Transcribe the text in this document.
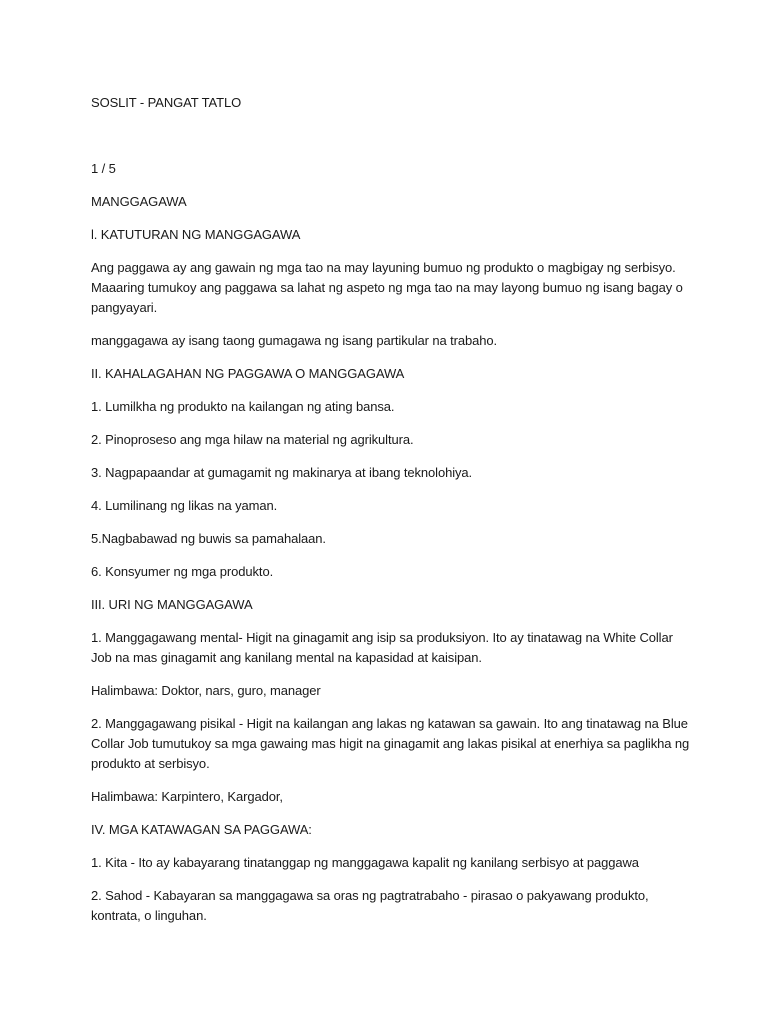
SOSLIT - PANGAT TATLO

1 / 5

MANGGAGAWA

l. KATUTURAN NG MANGGAGAWA

Ang paggawa ay ang gawain ng mga tao na may layuning bumuo ng produkto o magbigay ng serbisyo. Maaaring tumukoy ang paggawa sa lahat ng aspeto ng mga tao na may layong bumuo ng isang bagay o pangyayari.

manggagawa ay isang taong gumagawa ng isang partikular na trabaho.

II. KAHALAGAHAN NG PAGGAWA O MANGGAGAWA

1. Lumilkha ng produkto na kailangan ng ating bansa.

2. Pinoproseso ang mga hilaw na material ng agrikultura.

3. Nagpapaandar at gumagamit ng makinarya at ibang teknolohiya.

4. Lumilinang ng likas na yaman.

5.Nagbabawad ng buwis sa pamahalaan.

6. Konsyumer ng mga produkto.

III. URI NG MANGGAGAWA

1. Manggagawang mental- Higit na ginagamit ang isip sa produksiyon. Ito ay tinatawag na White Collar Job na mas ginagamit ang kanilang mental na kapasidad at kaisipan.

Halimbawa: Doktor, nars, guro, manager

2. Manggagawang pisikal - Higit na kailangan ang lakas ng katawan sa gawain. Ito ang tinatawag na Blue Collar Job tumutukoy sa mga gawaing mas higit na ginagamit ang lakas pisikal at enerhiya sa paglikha ng produkto at serbisyo.

Halimbawa: Karpintero, Kargador,

IV. MGA KATAWAGAN SA PAGGAWA:

1. Kita - Ito ay kabayarang tinatanggap ng manggagawa kapalit ng kanilang serbisyo at paggawa

2. Sahod - Kabayaran sa manggagawa sa oras ng pagtratrabaho - pirasao o pakyawang produkto, kontrata, o linguhan.
